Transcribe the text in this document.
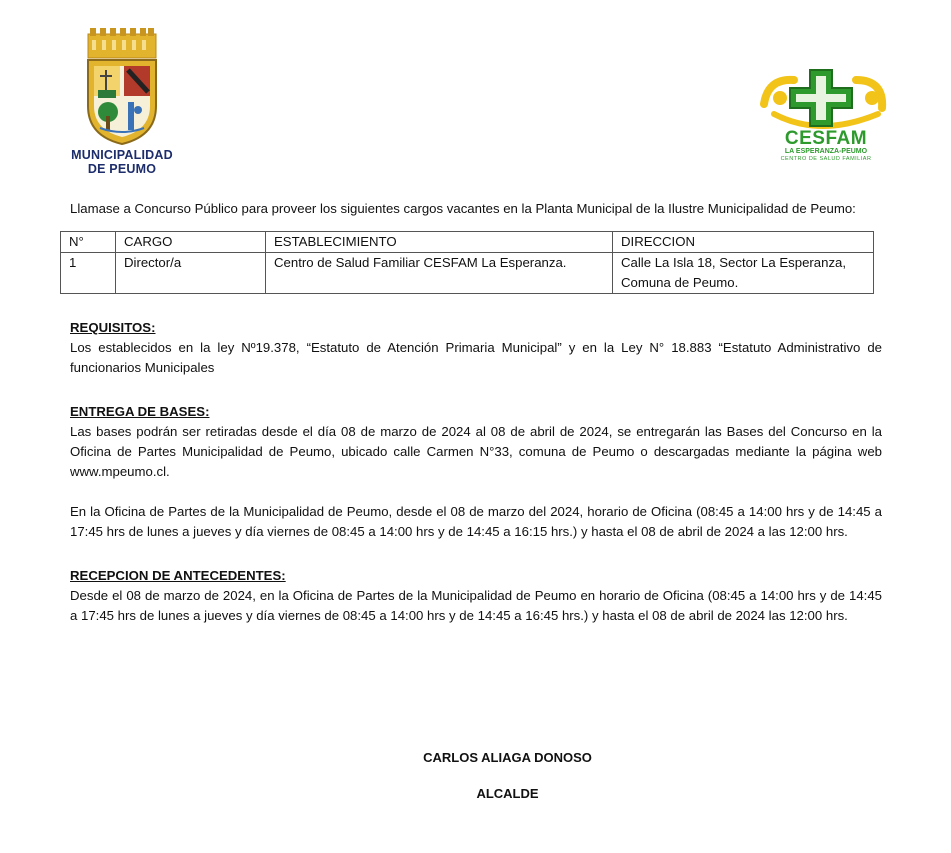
MUNICIPALIDAD
DE PEUMO
CESFAM
LA ESPERANZA-PEUMO
CENTRO DE SALUD FAMILIAR

Llamase a Concurso Público para proveer los siguientes cargos vacantes en la Planta Municipal de la Ilustre Municipalidad de Peumo:

N°	CARGO	ESTABLECIMIENTO	DIRECCION
1	Director/a	Centro de Salud Familiar CESFAM La Esperanza.	Calle La Isla 18, Sector La Esperanza, Comuna de Peumo.
REQUISITOS:

Los establecidos en la ley Nº19.378, “Estatuto de Atención Primaria Municipal” y en la Ley N° 18.883 “Estatuto Administrativo de funcionarios Municipales

ENTREGA DE BASES:

Las bases podrán ser retiradas desde el día 08 de marzo de 2024 al 08 de abril de 2024, se entregarán las Bases del Concurso en la Oficina de Partes Municipalidad de Peumo, ubicado calle Carmen N°33, comuna de Peumo o descargadas mediante la página web www.mpeumo.cl.

En la Oficina de Partes de la Municipalidad de Peumo, desde el 08 de marzo del 2024, horario de Oficina (08:45 a 14:00 hrs y de 14:45 a 17:45 hrs de lunes a jueves y día viernes de 08:45 a 14:00 hrs y de 14:45 a 16:15 hrs.) y hasta el 08 de abril de 2024 a las 12:00 hrs.

RECEPCION DE ANTECEDENTES:

Desde el 08 de marzo de 2024, en la Oficina de Partes de la Municipalidad de Peumo en horario de Oficina (08:45 a 14:00 hrs y de 14:45 a 17:45 hrs de lunes a jueves y día viernes de 08:45 a 14:00 hrs y de 14:45 a 16:45 hrs.) y hasta el 08 de abril de 2024 las 12:00 hrs.

CARLOS ALIAGA DONOSO
ALCALDE
